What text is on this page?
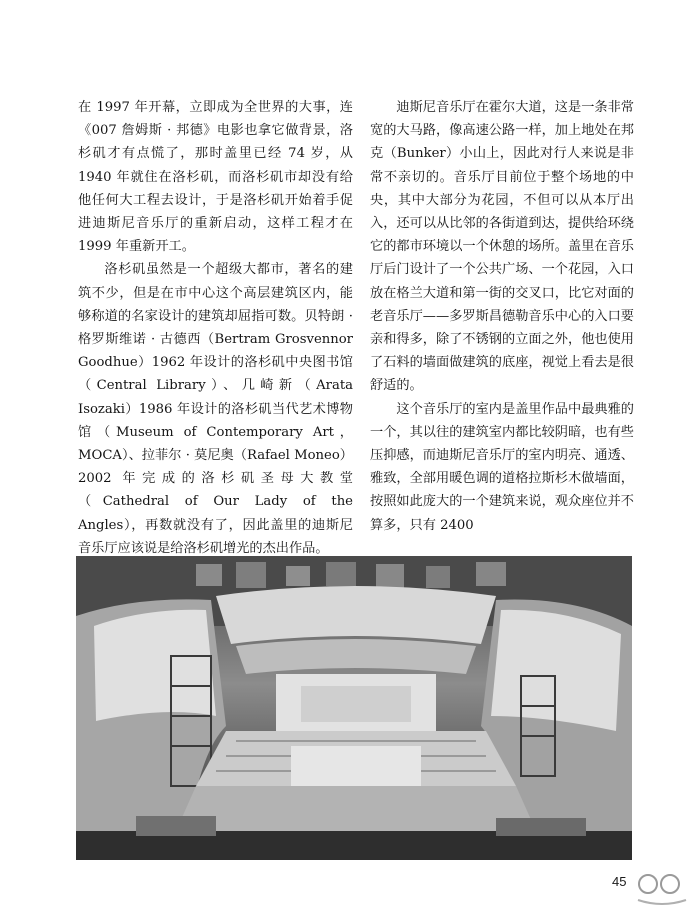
在 1997 年开幕，立即成为全世界的大事，连《007 詹姆斯 · 邦德》电影也拿它做背景，洛杉矶才有点慌了，那时盖里已经 74 岁，从 1940 年就住在洛杉矶，而洛杉矶市却没有给他任何大工程去设计，于是洛杉矶开始着手促进迪斯尼音乐厅的重新启动，这样工程才在 1999 年重新开工。

洛杉矶虽然是一个超级大都市，著名的建筑不少，但是在市中心这个高层建筑区内，能够称道的名家设计的建筑却屈指可数。贝特朗 · 格罗斯维诺 · 古德西（Bertram Grosvennor Goodhue）1962 年设计的洛杉矶中央图书馆（Central Library）、几崎新（Arata Isozaki）1986 年设计的洛杉矶当代艺术博物馆（Museum of Contemporary Art，MOCA）、拉菲尔 · 莫尼奥（Rafael Moneo）2002 年完成的洛杉矶圣母大教堂（Cathedral of Our Lady of the Angles），再数就没有了，因此盖里的迪斯尼音乐厅应该说是给洛杉矶增光的杰出作品。

迪斯尼音乐厅在霍尔大道，这是一条非常宽的大马路，像高速公路一样，加上地处在邦克（Bunker）小山上，因此对行人来说是非常不亲切的。音乐厅目前位于整个场地的中央，其中大部分为花园，不但可以从本厅出入，还可以从比邻的各街道到达，提供给环绕它的都市环境以一个休憩的场所。盖里在音乐厅后门设计了一个公共广场、一个花园，入口放在格兰大道和第一街的交叉口，比它对面的老音乐厅——多罗斯昌德勒音乐中心的入口要亲和得多，除了不锈钢的立面之外，他也使用了石料的墙面做建筑的底座，视觉上看去是很舒适的。

这个音乐厅的室内是盖里作品中最典雅的一个，其以往的建筑室内都比较阴暗，也有些压抑感，而迪斯尼音乐厅的室内明亮、通透、雅致，全部用暖色调的道格拉斯杉木做墙面，按照如此庞大的一个建筑来说，观众座位并不算多，只有 2400

45
